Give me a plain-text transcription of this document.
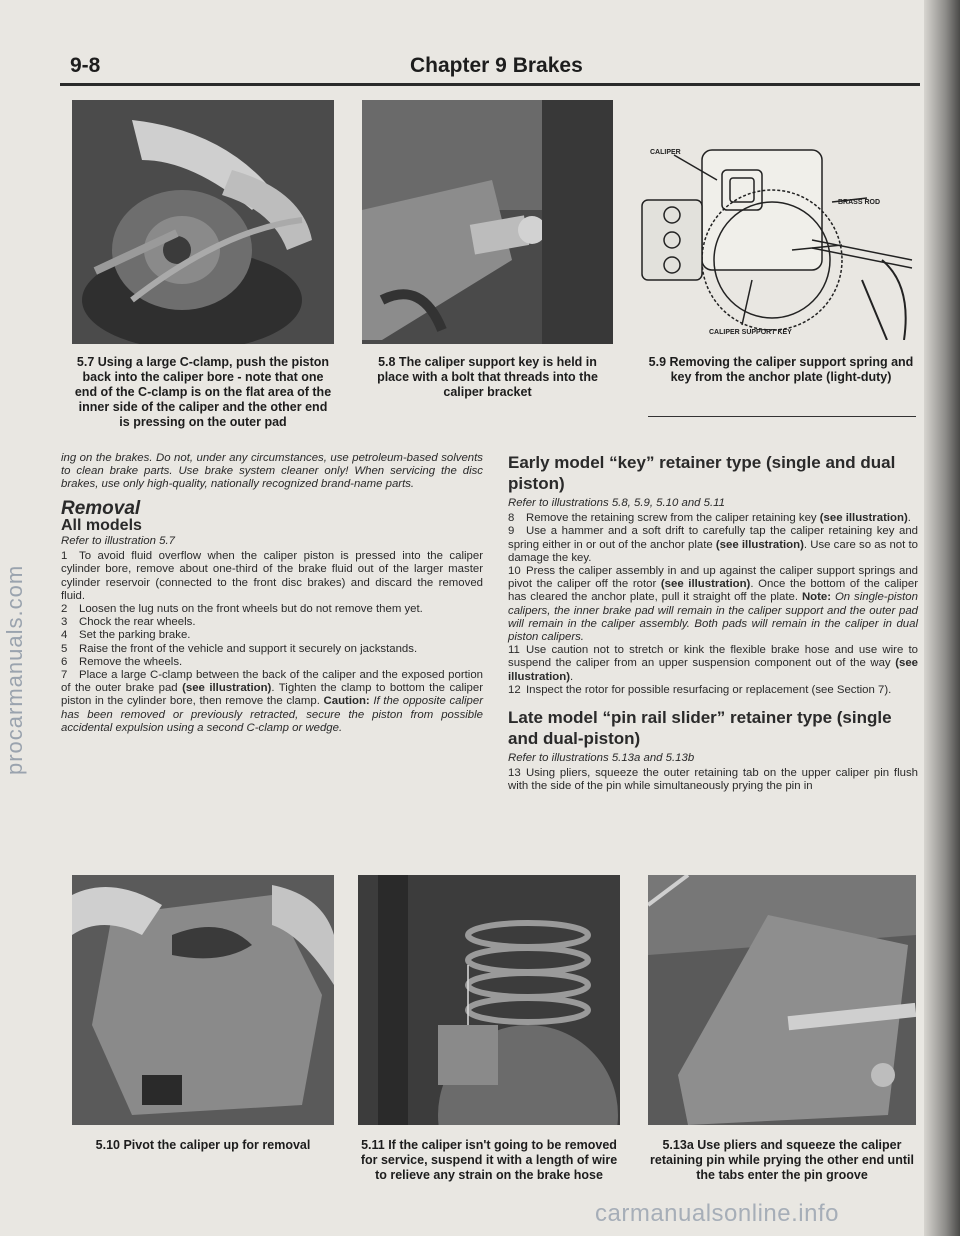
procarmanuals.com
9-8	Chapter 9 Brakes
CALIPER
BRASS ROD
CALIPER SUPPORT KEY
5.7 Using a large C-clamp, push the piston back into the caliper bore - note that one end of the C-clamp is on the flat area of the inner side of the caliper and the other end is pressing on the outer pad
5.8 The caliper support key is held in place with a bolt that threads into the caliper bracket
5.9 Removing the caliper support spring and key from the anchor plate (light-duty)

ing on the brakes. Do not, under any circumstances, use petroleum-based solvents to clean brake parts. Use brake system cleaner only! When servicing the disc brakes, use only high-quality, nationally recognized brand-name parts.

Removal
All models

Refer to illustration 5.7

1 To avoid fluid overflow when the caliper piston is pressed into the caliper cylinder bore, remove about one-third of the brake fluid out of the larger master cylinder reservoir (connected to the front disc brakes) and discard the removed fluid.

2 Loosen the lug nuts on the front wheels but do not remove them yet.

3 Chock the rear wheels.

4 Set the parking brake.

5 Raise the front of the vehicle and support it securely on jackstands.

6 Remove the wheels.

7 Place a large C-clamp between the back of the caliper and the exposed portion of the outer brake pad (see illustration). Tighten the clamp to bottom the caliper piston in the cylinder bore, then remove the clamp. Caution: If the opposite caliper has been removed or previously retracted, secure the piston from possible accidental expulsion using a second C-clamp or wedge.

Early model “key” retainer type (single and dual piston)

Refer to illustrations 5.8, 5.9, 5.10 and 5.11

8 Remove the retaining screw from the caliper retaining key (see illustration).

9 Use a hammer and a soft drift to carefully tap the caliper retaining key and spring either in or out of the anchor plate (see illustration). Use care so as not to damage the key.

10 Press the caliper assembly in and up against the caliper support springs and pivot the caliper off the rotor (see illustration). Once the bottom of the caliper has cleared the anchor plate, pull it straight off the plate. Note: On single-piston calipers, the inner brake pad will remain in the caliper support and the outer pad will remain in the caliper assembly. Both pads will remain in the caliper in dual piston calipers.

11 Use caution not to stretch or kink the flexible brake hose and use wire to suspend the caliper from an upper suspension component out of the way (see illustration).

12 Inspect the rotor for possible resurfacing or replacement (see Section 7).

Late model “pin rail slider” retainer type (single and dual-piston)

Refer to illustrations 5.13a and 5.13b

13 Using pliers, squeeze the outer retaining tab on the upper caliper pin flush with the side of the pin while simultaneously prying the pin in

5.10 Pivot the caliper up for removal	5.11 If the caliper isn't going to be removed for service, suspend it with a length of wire to relieve any strain on the brake hose
5.13a Use pliers and squeeze the caliper retaining pin while prying the other end until the tabs enter the pin groove
carmanualsonline.info
